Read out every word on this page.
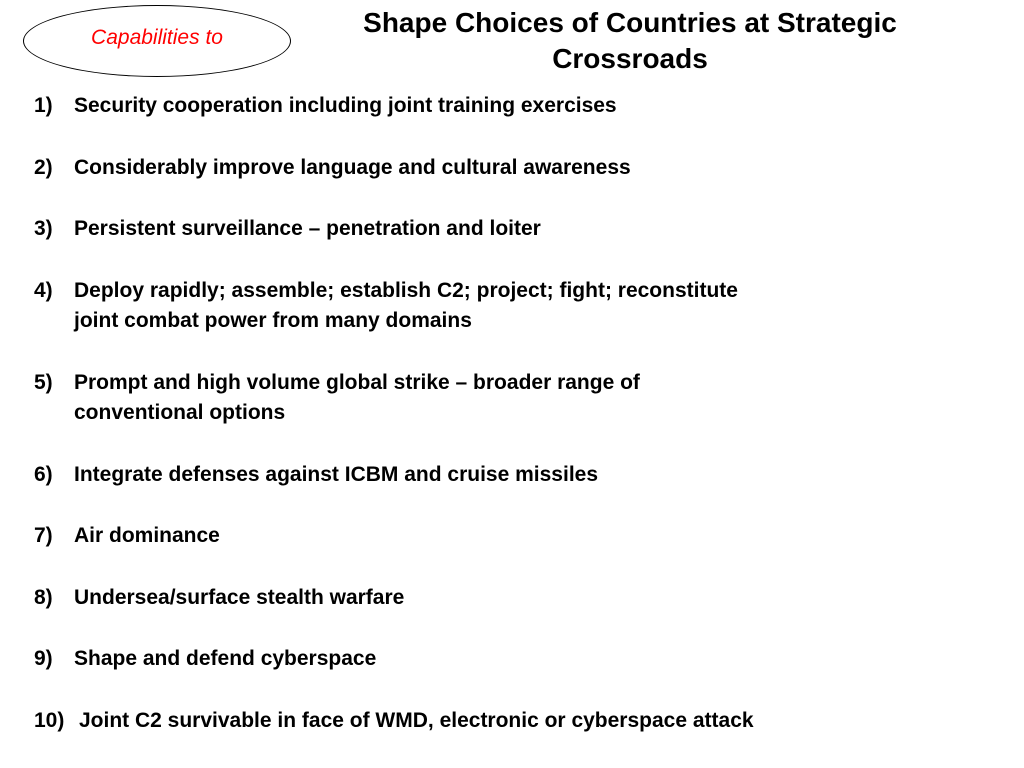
Capabilities to	Shape Choices of Countries at Strategic
Crossroads
1)	Security cooperation including joint training exercises
2)	Considerably improve language and cultural awareness
3)	Persistent surveillance – penetration and loiter
4)	Deploy rapidly; assemble; establish C2; project; fight; reconstitute
joint combat power from many domains
5)	Prompt and high volume global strike – broader range of
conventional options
6)	Integrate defenses against ICBM and cruise missiles
7)	Air dominance
8)	Undersea/surface stealth warfare
9)	Shape and defend cyberspace
10) Joint C2 survivable in face of WMD, electronic or cyberspace attack
